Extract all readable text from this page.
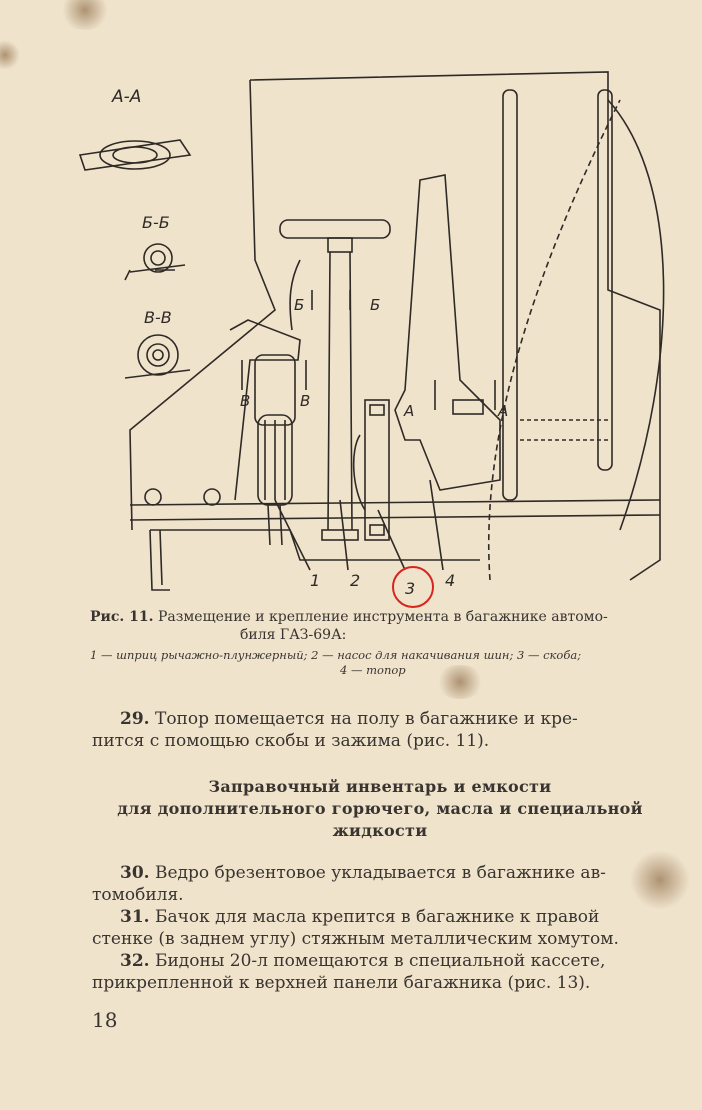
А-А
Б-Б
В-В
Б	Б
В	В
А	А
1 2	3 4
Рис. 11. Размещение и крепление инструмента в багажнике автомо-
биля ГАЗ-69А:
1 — шприц рычажно-плунжерный; 2 — насос для накачивания шин; 3 — скоба;
4 — топор
29. Топор помещается на полу в багажнике и кре-
пится с помощью скобы и зажима (рис. 11).
Заправочный инвентарь и емкости
для дополнительного горючего, масла и специальной
жидкости
30. Ведро брезентовое укладывается в багажнике ав-
томобиля.
31. Бачок для масла крепится в багажнике к правой
стенке (в заднем углу) стяжным металлическим хомутом.
32. Бидоны 20-л помещаются в специальной кассете,
прикрепленной к верхней панели багажника (рис. 13).
18
